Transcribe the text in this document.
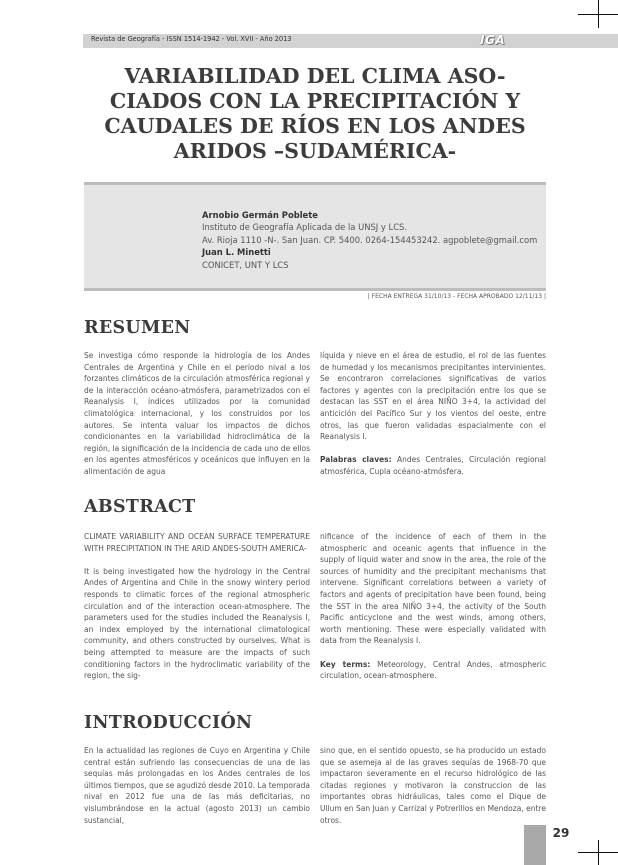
Revista de Geografía - ISSN 1514-1942 - Vol. XVII - Año 2013	IGA
VARIABILIDAD DEL CLIMA ASO-
CIADOS CON LA PRECIPITACIÓN Y
CAUDALES DE RÍOS EN LOS ANDES
ARIDOS –SUDAMÉRICA-
Arnobio Germán Poblete
Instituto de Geografía Aplicada de la UNSJ y LCS.
Av. Rioja 1110 -N-. San Juan. CP. 5400. 0264-154453242. agpoblete@gmail.com
Juan L. Minetti
CONICET, UNT Y LCS
| FECHA ENTREGA 31/10/13 - FECHA APROBADO 12/11/13 |
RESUMEN

Se investiga cómo responde la hidrología de los Andes Centrales de Argentina y Chile en el periodo nival a los forzantes climáticos de la circulación atmosférica regional y de la interacción océano-atmósfera, parametrizados con el Reanalysis I, índices utilizados por la comunidad climatológica internacional, y los construidos por los autores. Se intenta valuar los impactos de dichos condicionantes en la variabilidad hidroclimática de la región, la significación de la incidencia de cada uno de ellos en los agentes atmosféricos y oceánicos que influyen en la alimentación de agua

líquida y nieve en el área de estudio, el rol de las fuentes de humedad y los mecanismos precipitantes intervinientes. Se encontraron correlaciones significativas de varios factores y agentes con la precipitación entre los que se destacan las SST en el área NIÑO 3+4, la actividad del anticiclón del Pacífico Sur y los vientos del oeste, entre otros, las que fueron validadas espacialmente con el Reanalysis I.

Palabras claves: Andes Centrales, Circulación regional atmosférica, Cupla océano-atmósfera.

ABSTRACT

CLIMATE VARIABILITY AND OCEAN SURFACE TEMPERATURE WITH PRECIPITATION IN THE ARID ANDES-SOUTH AMERICA-

It is being investigated how the hydrology in the Central Andes of Argentina and Chile in the snowy wintery period responds to climatic forces of the regional atmospheric circulation and of the interaction ocean-atmosphere. The parameters used for the studies included the Reanalysis I, an index employed by the international climatological community, and others constructed by ourselves. What is being attempted to measure are the impacts of such conditioning factors in the hydroclimatic variability of the region, the sig-

nificance of the incidence of each of them in the atmospheric and oceanic agents that influence in the supply of liquid water and snow in the area, the role of the sources of humidity and the precipitant mechanisms that intervene. Significant correlations between a variety of factors and agents of precipitation have been found, being the SST in the area NIÑO 3+4, the activity of the South Pacific anticyclone and the west winds, among others, worth mentioning. These were especially validated with data from the Reanalysis I.

Key terms: Meteorology, Central Andes, atmospheric circulation, ocean-atmosphere.

INTRODUCCIÓN

En la actualidad las regiones de Cuyo en Argentina y Chile central están sufriendo las consecuencias de una de las sequías más prolongadas en los Andes centrales de los últimos tiempos, que se agudizó desde 2010. La temporada nival en 2012 fue una de las más deficitarias, no vislumbrándose en la actual (agosto 2013) un cambio sustancial,

sino que, en el sentido opuesto, se ha producido un estado que se asemeja al de las graves sequías de 1968-70 que impactaron severamente en el recurso hidrológico de las citadas regiones y motivaron la construccion de las importantes obras hidráulicas, tales como el Dique de Ullum en San Juan y Carrizal y Potrerillos en Mendoza, entre otros.

29
